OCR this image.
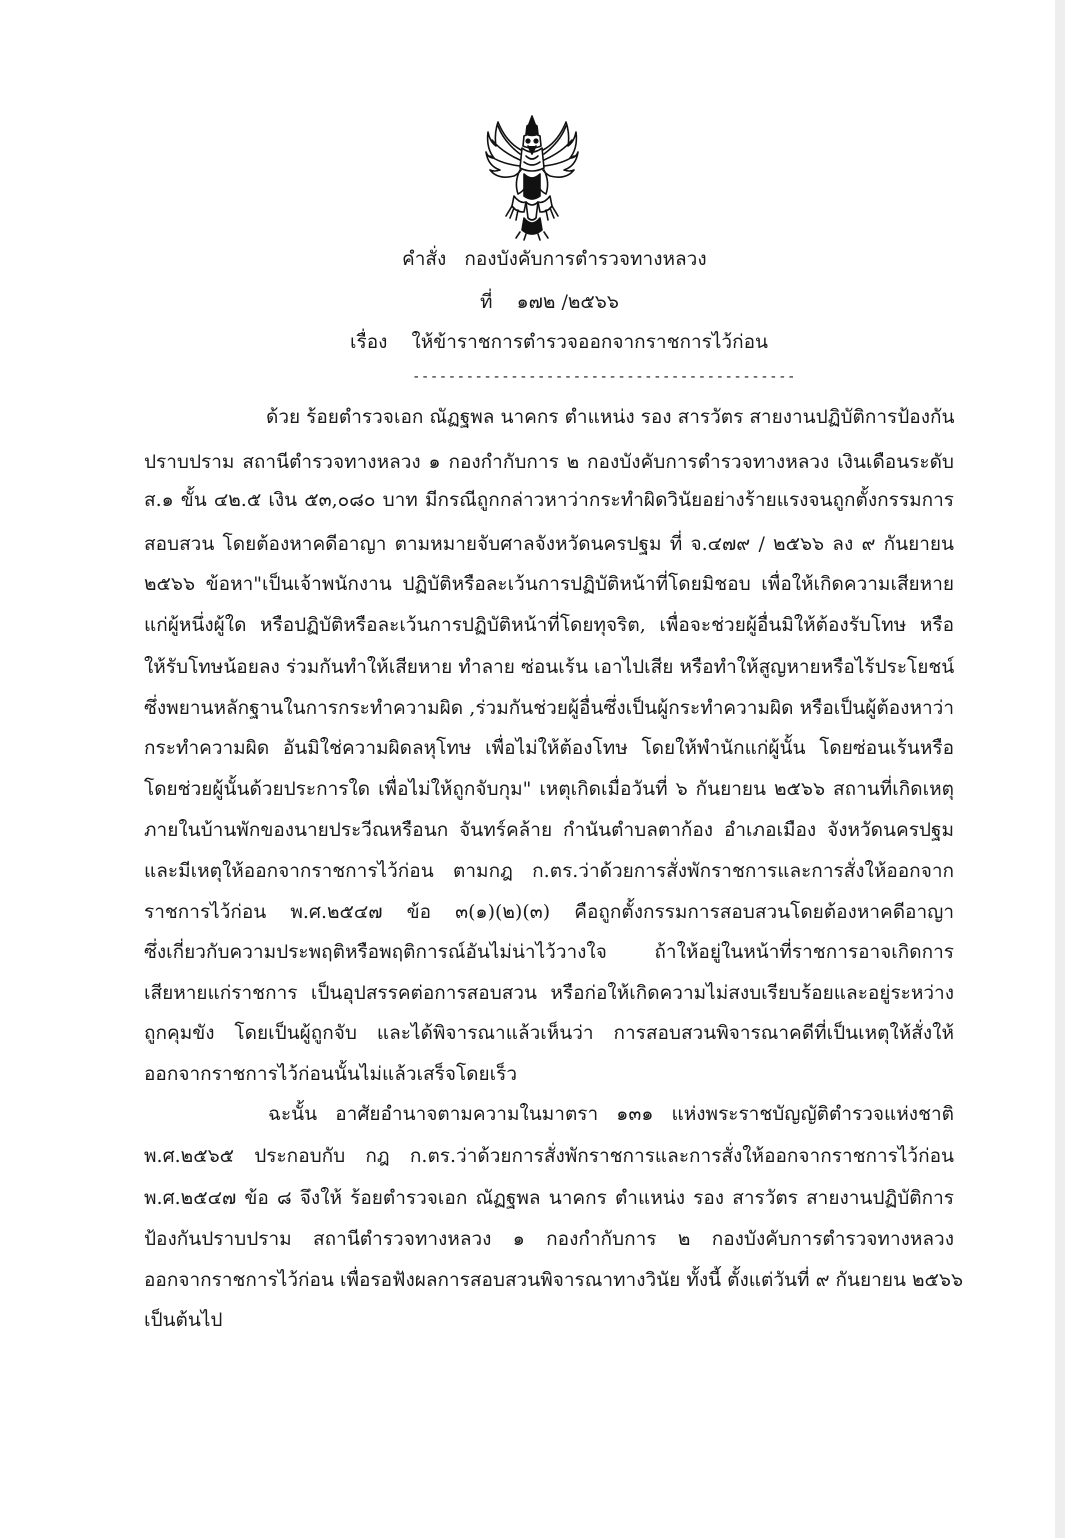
คำสั่ง กองบังคับการตำรวจทางหลวง
ที่ ๑๗๒ /๒๕๖๖
เรื่อง ให้ข้าราชการตำรวจออกจากราชการไว้ก่อน
-------------------------------------------
ด้วย ร้อยตำรวจเอก ณัฏฐพล นาคกร ตำแหน่ง รอง สารวัตร สายงานปฏิบัติการป้องกัน
ปราบปราม สถานีตำรวจทางหลวง ๑ กองกำกับการ ๒ กองบังคับการตำรวจทางหลวง เงินเดือนระดับ
ส.๑ ขั้น ๔๒.๕ เงิน ๕๓,๐๘๐ บาท มีกรณีถูกกล่าวหาว่ากระทำผิดวินัยอย่างร้ายแรงจนถูกตั้งกรรมการ
สอบสวน โดยต้องหาคดีอาญา ตามหมายจับศาลจังหวัดนครปฐม ที่ จ.๔๗๙ / ๒๕๖๖ ลง ๙ กันยายน
๒๕๖๖ ข้อหา"เป็นเจ้าพนักงาน ปฏิบัติหรือละเว้นการปฏิบัติหน้าที่โดยมิชอบ เพื่อให้เกิดความเสียหาย
แก่ผู้หนึ่งผู้ใด หรือปฏิบัติหรือละเว้นการปฏิบัติหน้าที่โดยทุจริต, เพื่อจะช่วยผู้อื่นมิให้ต้องรับโทษ หรือ
ให้รับโทษน้อยลง ร่วมกันทำให้เสียหาย ทำลาย ซ่อนเร้น เอาไปเสีย หรือทำให้สูญหายหรือไร้ประโยชน์
ซึ่งพยานหลักฐานในการกระทำความผิด ,ร่วมกันช่วยผู้อื่นซึ่งเป็นผู้กระทำความผิด หรือเป็นผู้ต้องหาว่า
กระทำความผิด อันมิใช่ความผิดลหุโทษ เพื่อไม่ให้ต้องโทษ โดยให้พำนักแก่ผู้นั้น โดยซ่อนเร้นหรือ
โดยช่วยผู้นั้นด้วยประการใด เพื่อไม่ให้ถูกจับกุม" เหตุเกิดเมื่อวันที่ ๖ กันยายน ๒๕๖๖ สถานที่เกิดเหตุ
ภายในบ้านพักของนายประวีณหรือนก จันทร์คล้าย กำนันตำบลตาก้อง อำเภอเมือง จังหวัดนครปฐม
และมีเหตุให้ออกจากราชการไว้ก่อน ตามกฎ ก.ตร.ว่าด้วยการสั่งพักราชการและการสั่งให้ออกจาก
ราชการไว้ก่อน พ.ศ.๒๕๔๗ ข้อ ๓(๑)(๒)(๓) คือถูกตั้งกรรมการสอบสวนโดยต้องหาคดีอาญา
ซึ่งเกี่ยวกับความประพฤติหรือพฤติการณ์อันไม่น่าไว้วางใจ ถ้าให้อยู่ในหน้าที่ราชการอาจเกิดการ
เสียหายแก่ราชการ เป็นอุปสรรคต่อการสอบสวน หรือก่อให้เกิดความไม่สงบเรียบร้อยและอยู่ระหว่าง
ถูกคุมขัง โดยเป็นผู้ถูกจับ และได้พิจารณาแล้วเห็นว่า การสอบสวนพิจารณาคดีที่เป็นเหตุให้สั่งให้
ออกจากราชการไว้ก่อนนั้นไม่แล้วเสร็จโดยเร็ว
ฉะนั้น อาศัยอำนาจตามความในมาตรา ๑๓๑ แห่งพระราชบัญญัติตำรวจแห่งชาติ
พ.ศ.๒๕๖๕ ประกอบกับ กฎ ก.ตร.ว่าด้วยการสั่งพักราชการและการสั่งให้ออกจากราชการไว้ก่อน
พ.ศ.๒๕๔๗ ข้อ ๘ จึงให้ ร้อยตำรวจเอก ณัฏฐพล นาคกร ตำแหน่ง รอง สารวัตร สายงานปฏิบัติการ
ป้องกันปราบปราม สถานีตำรวจทางหลวง ๑ กองกำกับการ ๒ กองบังคับการตำรวจทางหลวง
ออกจากราชการไว้ก่อน เพื่อรอฟังผลการสอบสวนพิจารณาทางวินัย ทั้งนี้ ตั้งแต่วันที่ ๙ กันยายน ๒๕๖๖
เป็นต้นไป
